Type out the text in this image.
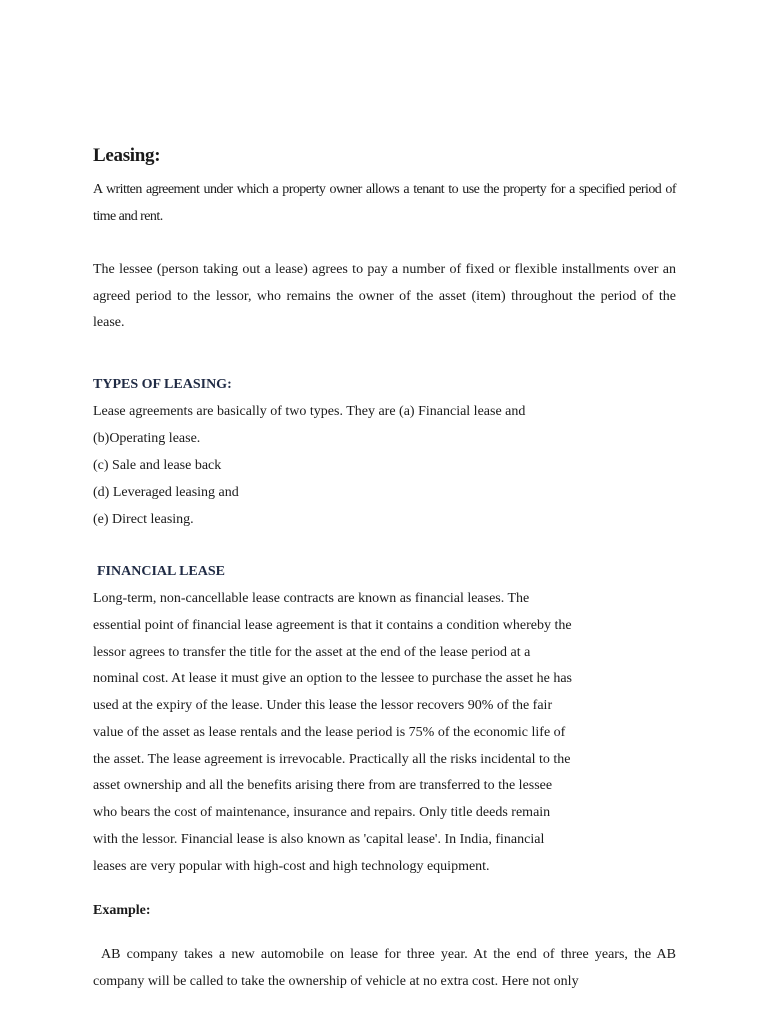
Leasing:

A written agreement under which a property owner allows a tenant to use the property for a specified period of time and rent.

The lessee (person taking out a lease) agrees to pay a number of fixed or flexible installments over an agreed period to the lessor, who remains the owner of the asset (item) throughout the period of the lease.

TYPES OF LEASING:
Lease agreements are basically of two types. They are (a) Financial lease and
(b)Operating lease.
(c) Sale and lease back
(d) Leveraged leasing and
(e) Direct leasing.
FINANCIAL LEASE
Long-term, non-cancellable lease contracts are known as financial leases. The
essential point of financial lease agreement is that it contains a condition whereby the
lessor agrees to transfer the title for the asset at the end of the lease period at a
nominal cost. At lease it must give an option to the lessee to purchase the asset he has
used at the expiry of the lease. Under this lease the lessor recovers 90% of the fair
value of the asset as lease rentals and the lease period is 75% of the economic life of
the asset. The lease agreement is irrevocable. Practically all the risks incidental to the
asset ownership and all the benefits arising there from are transferred to the lessee
who bears the cost of maintenance, insurance and repairs. Only title deeds remain
with the lessor. Financial lease is also known as 'capital lease'. In India, financial
leases are very popular with high-cost and high technology equipment.
Example:

AB company takes a new automobile on lease for three year. At the end of three years, the AB company will be called to take the ownership of vehicle at no extra cost. Here not only
